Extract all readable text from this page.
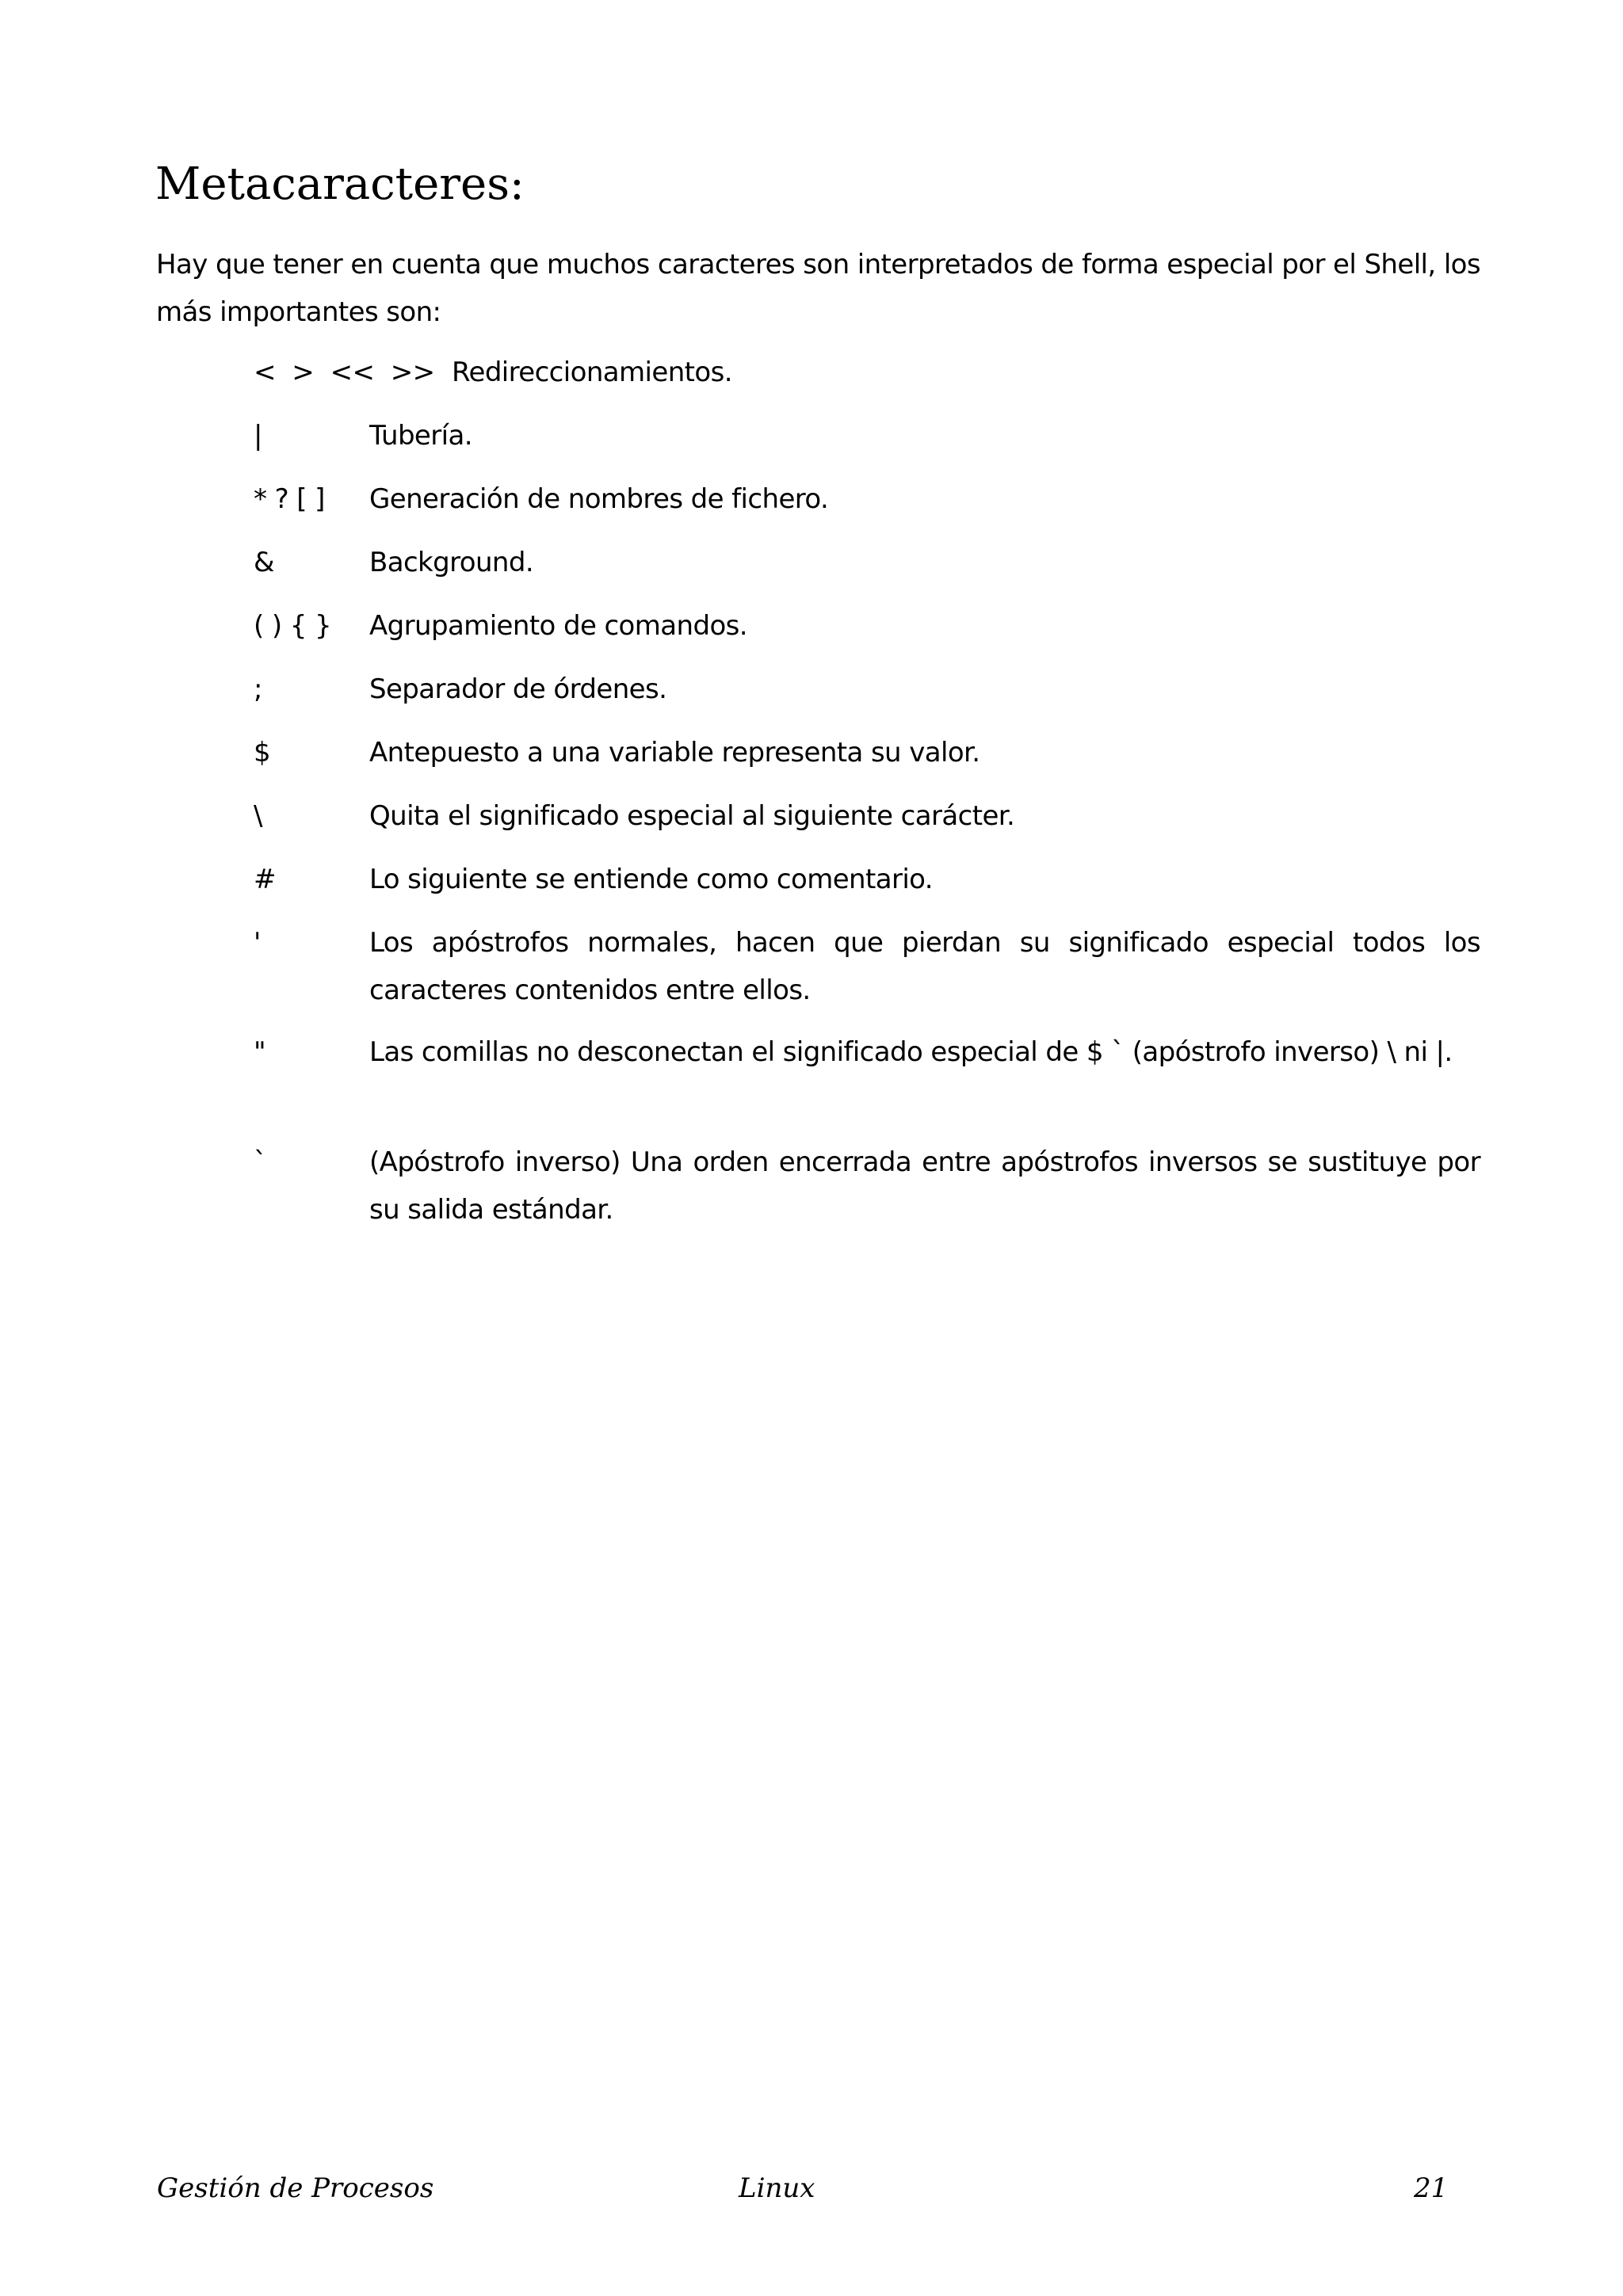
Metacaracteres:

Hay que tener en cuenta que muchos caracteres son interpretados de forma especial por el Shell, los más importantes son:

<  >  <<  >> Redireccionamientos.
|	Tubería.
* ? [ ] Generación de nombres de fichero.
&	Background.
( ) { } Agrupamiento de comandos.
;	Separador de órdenes.
$	Antepuesto a una variable representa su valor.
\	Quita el significado especial al siguiente carácter.
#	Lo siguiente se entiende como comentario.
'	Los apóstrofos normales, hacen que pierdan su significado especial todos los caracteres contenidos entre ellos.
"	Las comillas no desconectan el significado especial de $ ` (apóstrofo inverso) \ ni |.
`	(Apóstrofo inverso) Una orden encerrada entre apóstrofos inversos se sustituye por su salida estándar.
Gestión de Procesos	Linux	21
